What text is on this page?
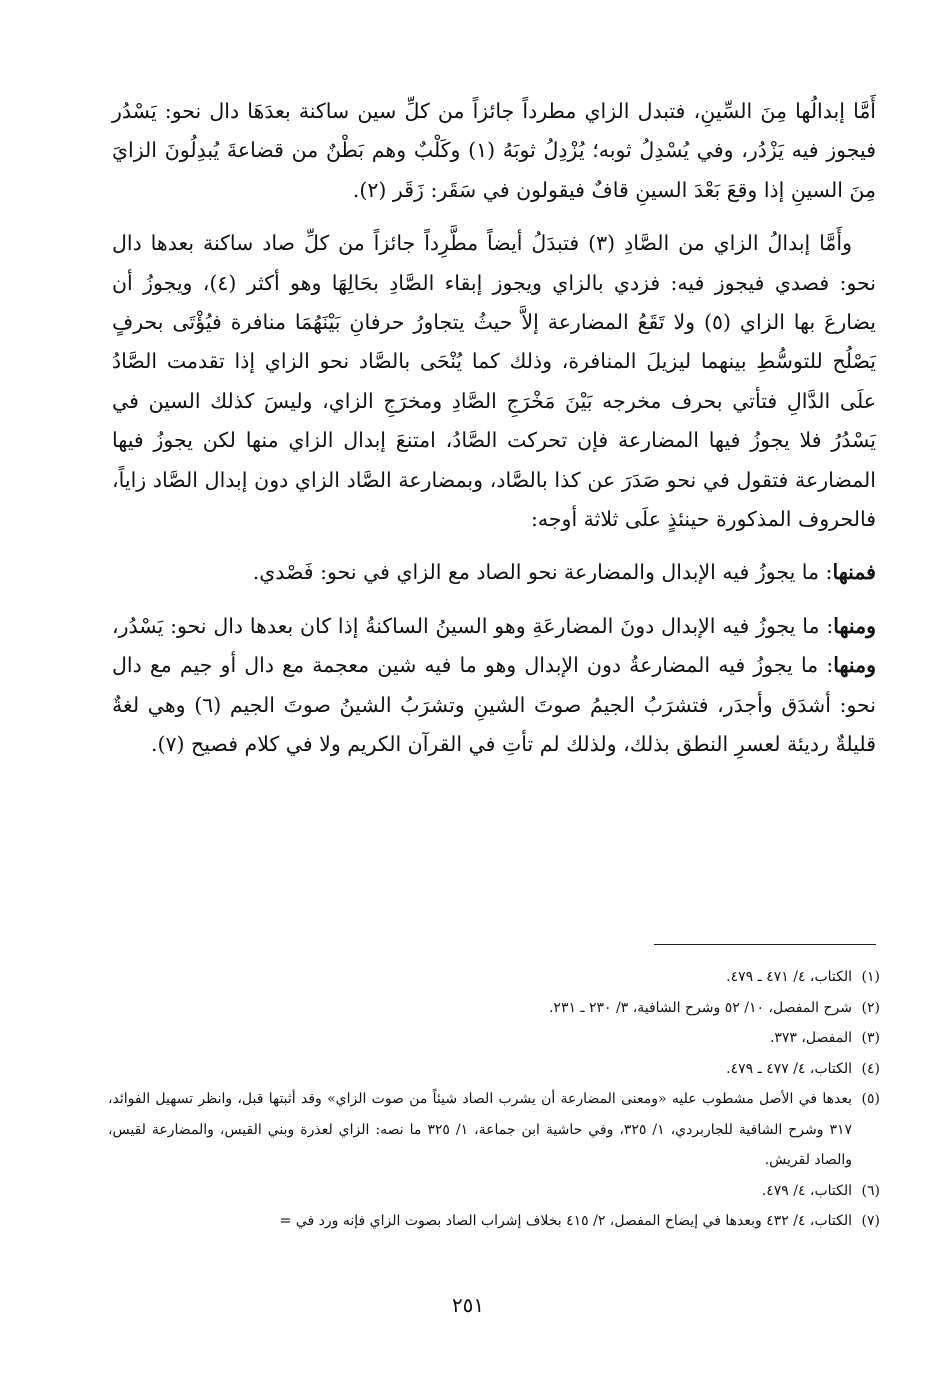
أَمَّا إبدالُها مِنَ السِّينِ، فتبدل الزاي مطرداً جائزاً من كلِّ سين ساكنة بعدَهَا دال نحو: يَسْدُر فيجوز فيه يَزْدُر، وفي يُسْدِلُ ثوبه؛ يُزْدِلُ ثوبَهُ (١) وكَلْبٌ وهم بَطْنٌ من قضاعةَ يُبدِلُونَ الزايَ مِنَ السينِ إذا وقعَ بَعْدَ السينِ قافٌ فيقولون في سَقَر: زَقَر (٢).

وأَمَّا إبدالُ الزاي من الصَّادِ (٣) فتبدَلُ أيضاً مطَّرِداً جائزاً من كلِّ صاد ساكنة بعدها دال نحو: فصدي فيجوز فيه: فزدي بالزاي ويجوز إبقاء الصَّادِ بحَالِهَا وهو أكثر (٤)، ويجوزُ أن يضارعَ بها الزاي (٥) ولا تَقَعُ المضارعة إلاَّ حيثُ يتجاورُ حرفانِ بَيْنَهُمَا منافرة فيُؤْتَى بحرفٍ يَصْلُح للتوسُّطِ بينهما ليزيلَ المنافرة، وذلك كما يُنْحَى بالصَّاد نحو الزاي إذا تقدمت الصَّادُ علَى الدَّالِ فتأتي بحرف مخرجه بَيْنَ مَخْرَجِ الصَّادِ ومخرَجِ الزاي، وليسَ كذلك السين في يَسْدُرُ فلا يجوزُ فيها المضارعة فإن تحركت الصَّادُ، امتنعَ إبدال الزاي منها لكن يجوزُ فيها المضارعة فتقول في نحو صَدَرَ عن كذا بالصَّاد، وبمضارعة الصَّاد الزاي دون إبدال الصَّاد زاياً، فالحروف المذكورة حينئذٍ علَى ثلاثة أوجه:

فمنها: ما يجوزُ فيه الإبدال والمضارعة نحو الصاد مع الزاي في نحو: فَصْدي.

ومنها: ما يجوزُ فيه الإبدال دونَ المضارعَةِ وهو السينُ الساكنةُ إذا كان بعدها دال نحو: يَسْدُر، ومنها: ما يجوزُ فيه المضارعةُ دون الإبدال وهو ما فيه شين معجمة مع دال أو جيم مع دال نحو: أشدَق وأجدَر، فتشرَبُ الجيمُ صوتَ الشينِ وتشرَبُ الشينُ صوتَ الجيم (٦) وهي لغةٌ قليلةٌ رديئة لعسرِ النطق بذلك، ولذلك لم تأتِ في القرآن الكريم ولا في كلام فصيح (٧).

(١)
الكتاب، ٤/ ٤٧١ ـ ٤٧٩.
(٢)
شرح المفصل، ١٠/ ٥٢ وشرح الشافية، ٣/ ٢٣٠ ـ ٢٣١.
(٣)
المفصل، ٣٧٣.
(٤)
الكتاب، ٤/ ٤٧٧ ـ ٤٧٩.
(٥)
بعدها في الأصل مشطوب عليه «ومعنى المضارعة أن يشرب الصاد شيئاً من صوت الزاي» وقد أثبتها قبل، وانظر تسهيل الفوائد، ٣١٧ وشرح الشافية للجاربردي، ١/ ٣٢٥، وفي حاشية ابن جماعة، ١/ ٣٢٥ ما نصه: الزاي لعذرة وبني القيس، والمضارعة لقيس، والصاد لقريش.
(٦)
الكتاب، ٤/ ٤٧٩.
(٧)
الكتاب، ٤/ ٤٣٢ وبعدها في إيضاح المفصل، ٢/ ٤١٥ بخلاف إشراب الصاد بصوت الزاي فإنه ورد في =
٢٥١
